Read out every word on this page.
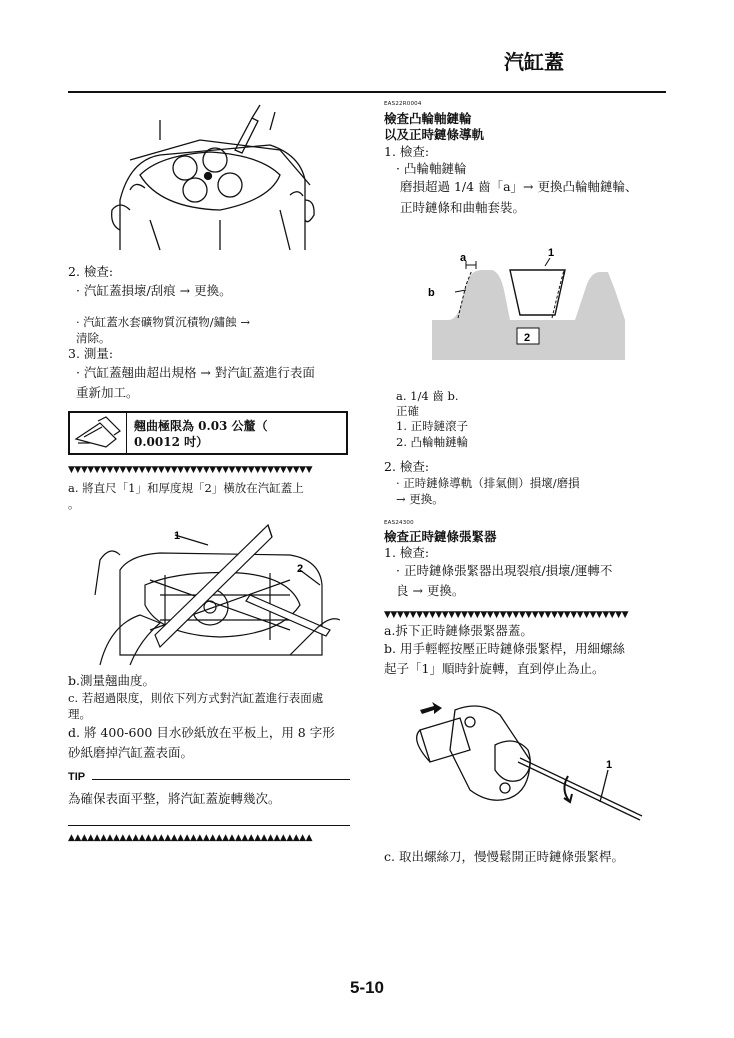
汽缸蓋
2. 檢查:
· 汽缸蓋損壞/刮痕 → 更換。
· 汽缸蓋水套礦物質沉積物/鏽蝕 →
清除。
3. 測量:
· 汽缸蓋翹曲超出規格 → 對汽缸蓋進行表面
重新加工。
翹曲極限為 0.03 公釐（
0.0012 吋）
▼▼▼▼▼▼▼▼▼▼▼▼▼▼▼▼▼▼▼▼▼▼▼▼▼▼▼▼▼▼▼▼▼▼▼▼▼▼
a. 將直尺「1」和厚度規「2」橫放在汽缸蓋上
。
1
2
b.測量翹曲度。
c. 若超過限度，則依下列方式對汽缸蓋進行表面處
理。
d. 將 400-600 目水砂紙放在平板上，用 8 字形
砂紙磨掉汽缸蓋表面。
TIP
為確保表面平整，將汽缸蓋旋轉幾次。
▲▲▲▲▲▲▲▲▲▲▲▲▲▲▲▲▲▲▲▲▲▲▲▲▲▲▲▲▲▲▲▲▲▲▲▲▲▲
EAS22R0004
檢查凸輪軸鏈輪
以及正時鏈條導軌
1. 檢查:
· 凸輪軸鏈輪
磨損超過 1/4 齒「a」→ 更換凸輪軸鏈輪、
正時鏈條和曲軸套裝。
2
a
b
1
a. 1/4 齒 b.
正確
1. 正時鏈滾子
2. 凸輪軸鏈輪
2. 檢查:
· 正時鏈條導軌（排氣側）損壞/磨損
→ 更換。
EAS24300
檢查正時鏈條張緊器
1. 檢查:
· 正時鏈條張緊器出現裂痕/損壞/運轉不
良 → 更換。
▼▼▼▼▼▼▼▼▼▼▼▼▼▼▼▼▼▼▼▼▼▼▼▼▼▼▼▼▼▼▼▼▼▼▼▼▼▼
a.拆下正時鏈條張緊器蓋。
b. 用手輕輕按壓正時鏈條張緊桿，用細螺絲
起子「1」順時針旋轉，直到停止為止。
1
c. 取出螺絲刀，慢慢鬆開正時鏈條張緊桿。
5-10
